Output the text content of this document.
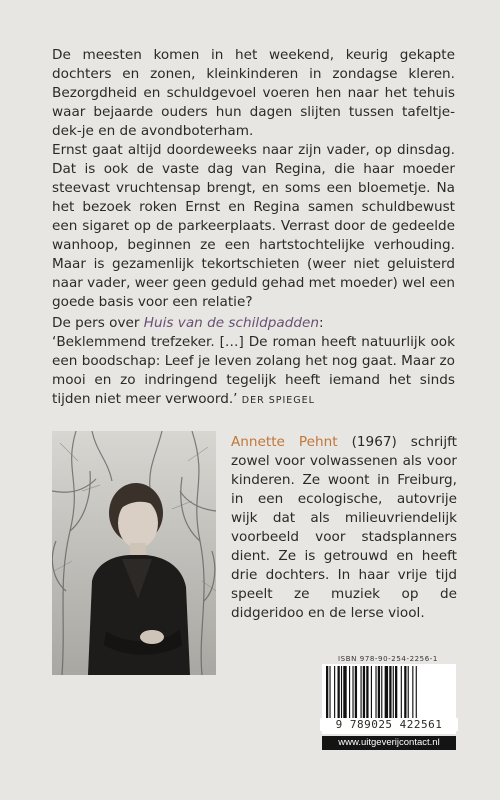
De meesten komen in het weekend, keurig gekapte dochters en zonen, kleinkinderen in zondagse kleren. Bezorgdheid en schuldgevoel voeren hen naar het tehuis waar bejaarde ouders hun dagen slijten tussen tafeltje-dek-je en de avondboterham.

Ernst gaat altijd doordeweeks naar zijn vader, op dinsdag. Dat is ook de vaste dag van Regina, die haar moeder steevast vruchtensap brengt, en soms een bloemetje. Na het bezoek roken Ernst en Regina samen schuldbewust een sigaret op de parkeerplaats. Verrast door de gedeelde wanhoop, beginnen ze een hartstochtelijke verhouding. Maar is gezamenlijk tekortschieten (weer niet geluisterd naar vader, weer geen geduld gehad met moeder) wel een goede basis voor een relatie?

De pers over Huis van de schildpadden:

‘Beklemmend trefzeker. […] De roman heeft natuurlijk ook een boodschap: Leef je leven zolang het nog gaat. Maar zo mooi en zo indringend tegelijk heeft iemand het sinds tijden niet meer verwoord.’ DER SPIEGEL

Annette Pehnt (1967) schrijft zowel voor volwassenen als voor kinderen. Ze woont in Freiburg, in een ecologische, autovrije wijk dat als milieuvriendelijk voorbeeld voor stadsplanners dient. Ze is getrouwd en heeft drie dochters. In haar vrije tijd speelt ze muziek op de didgeridoo en de lerse viool.

ISBN 978-90-254-2256-1
9 789025 422561
www.uitgeverijcontact.nl
